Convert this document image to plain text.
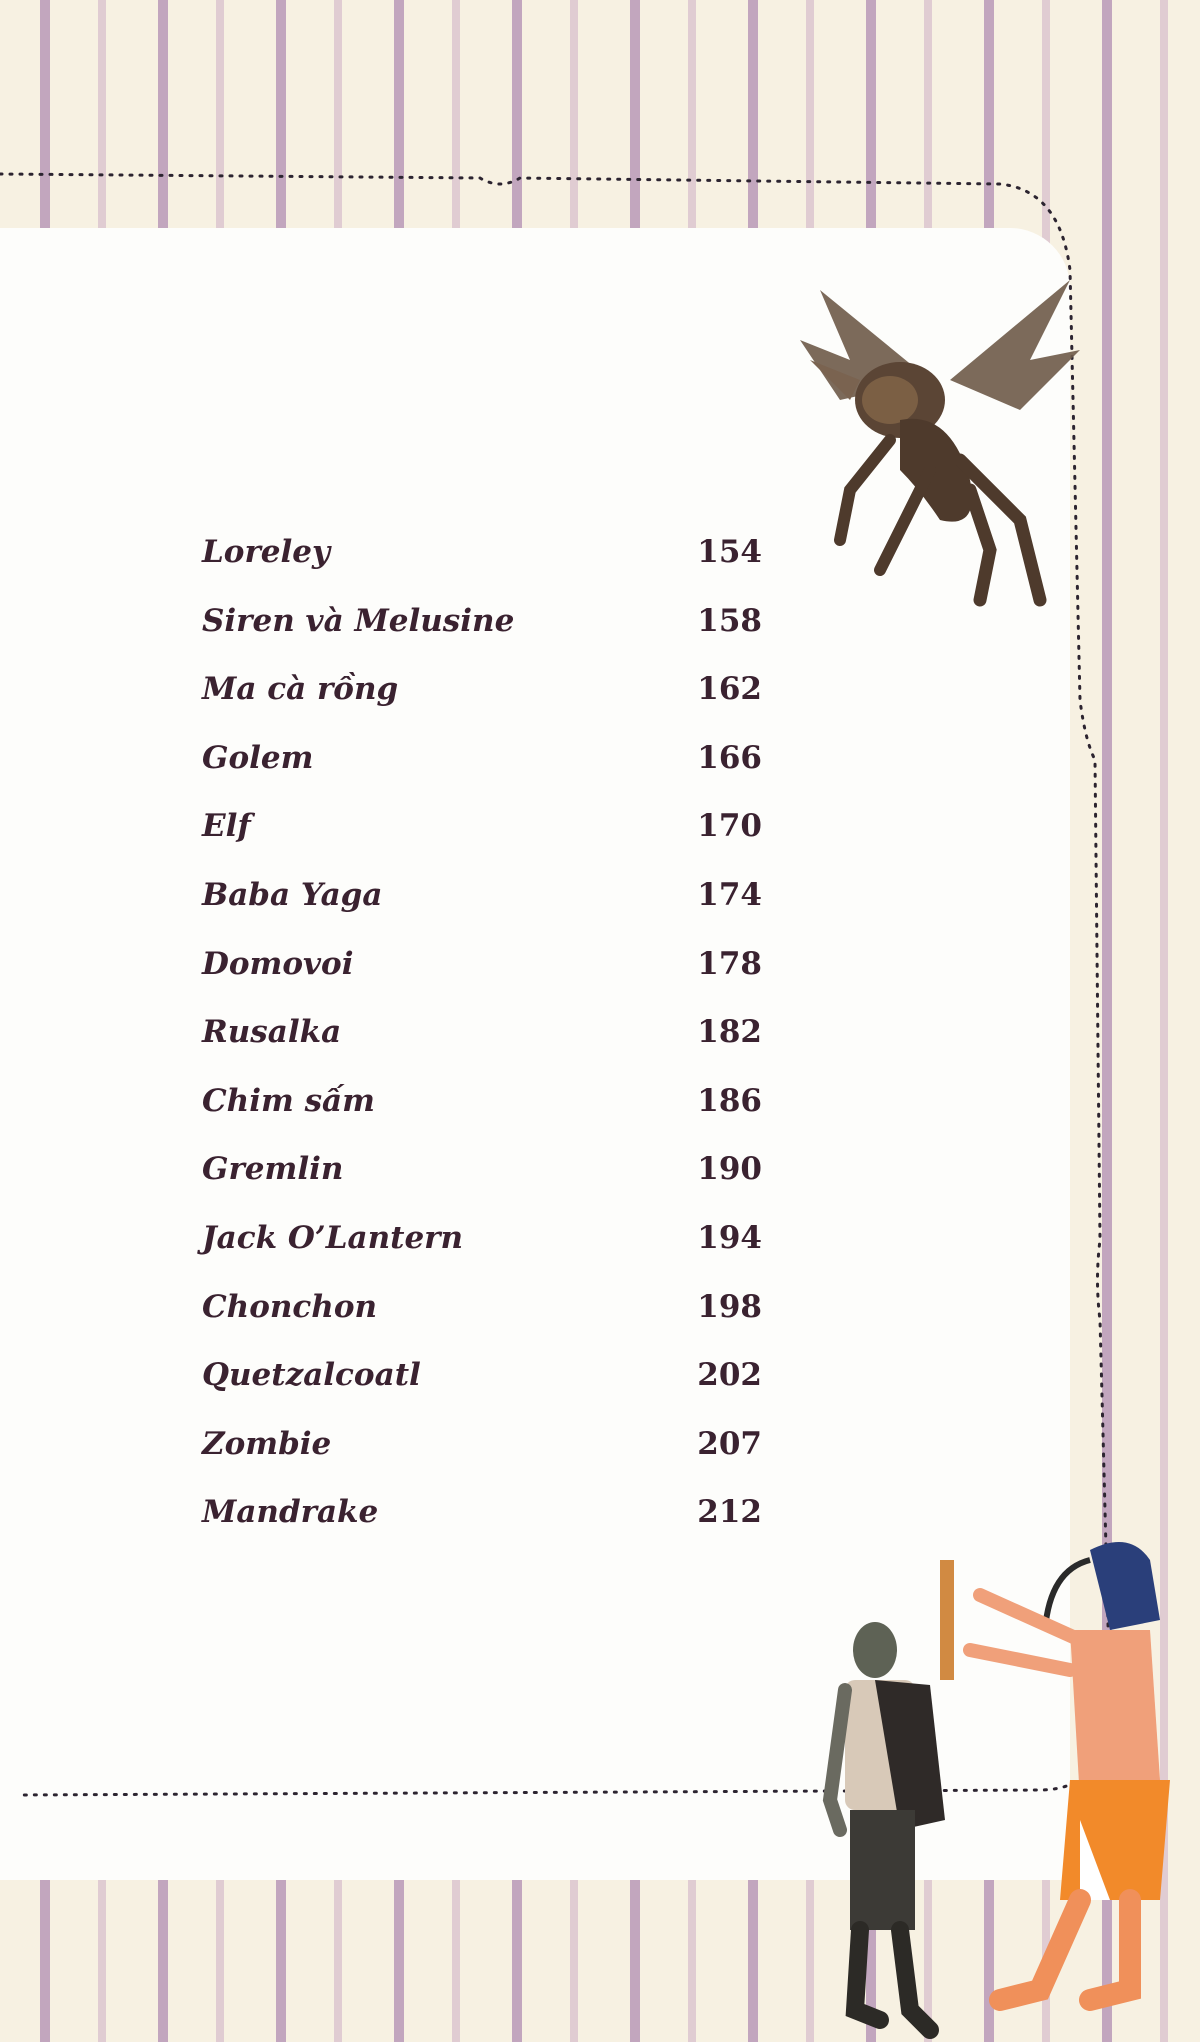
Loreley	154
Siren và Melusine	158
Ma cà rồng	162
Golem	166
Elf	170
Baba Yaga	174
Domovoi	178
Rusalka	182
Chim sấm	186
Gremlin	190
Jack O’Lantern	194
Chonchon	198
Quetzalcoatl	202
Zombie	207
Mandrake	212
